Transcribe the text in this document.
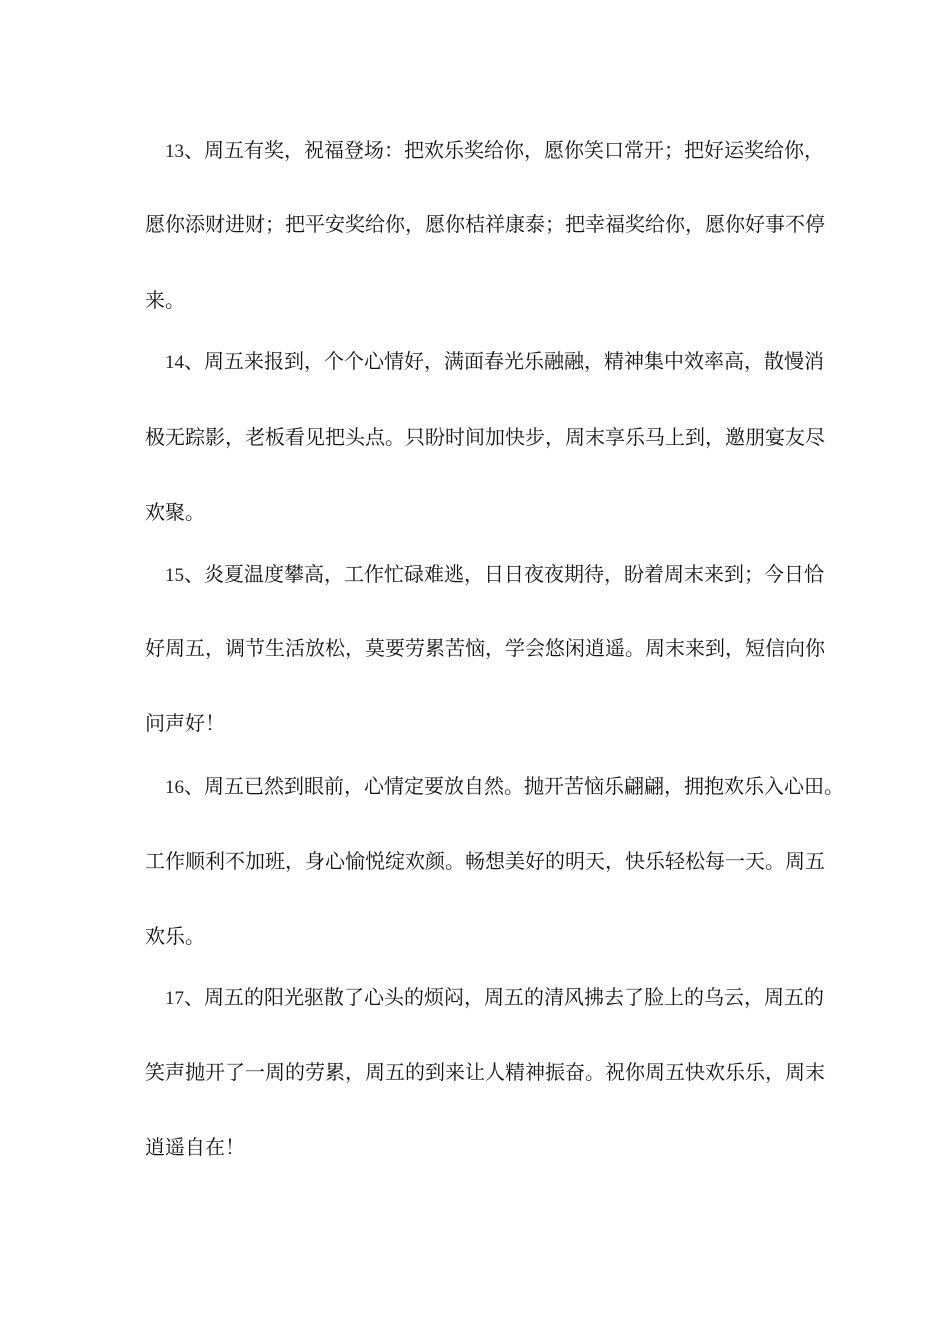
13、周五有奖，祝福登场：把欢乐奖给你，愿你笑口常开；把好运奖给你，
愿你添财进财；把平安奖给你，愿你桔祥康泰；把幸福奖给你，愿你好事不停
来。
14、周五来报到，个个心情好，满面春光乐融融，精神集中效率高，散慢消
极无踪影，老板看见把头点。只盼时间加快步，周末享乐马上到，邀朋宴友尽
欢聚。
15、炎夏温度攀高，工作忙碌难逃，日日夜夜期待，盼着周末来到；今日恰
好周五，调节生活放松，莫要劳累苦恼，学会悠闲逍遥。周末来到，短信向你
问声好！
16、周五已然到眼前，心情定要放自然。抛开苦恼乐翩翩，拥抱欢乐入心田。
工作顺利不加班，身心愉悦绽欢颜。畅想美好的明天，快乐轻松每一天。周五
欢乐。
17、周五的阳光驱散了心头的烦闷，周五的清风拂去了脸上的乌云，周五的
笑声抛开了一周的劳累，周五的到来让人精神振奋。祝你周五快欢乐乐，周末
逍遥自在！
